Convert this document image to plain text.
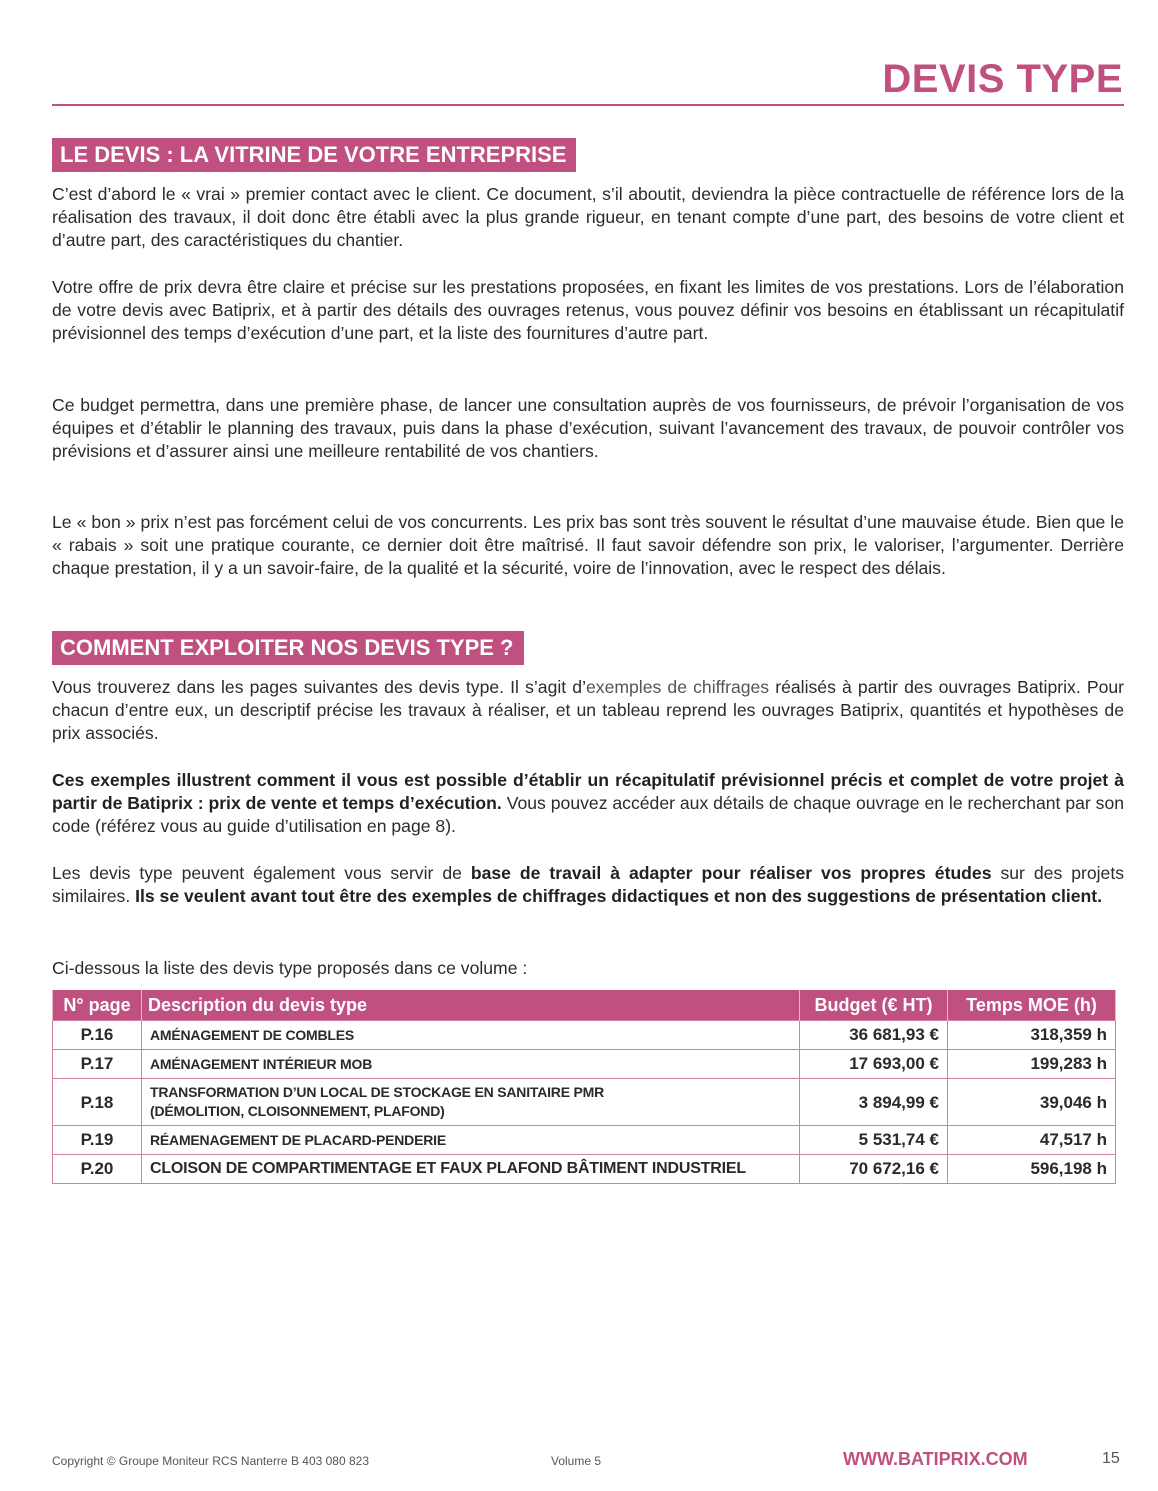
DEVIS TYPE
LE DEVIS : LA VITRINE DE VOTRE ENTREPRISE

C’est d’abord le « vrai » premier contact avec le client. Ce document, s’il aboutit, deviendra la pièce contractuelle de référence lors de la réalisation des travaux, il doit donc être établi avec la plus grande rigueur, en tenant compte d’une part, des besoins de votre client et d’autre part, des caractéristiques du chantier.

Votre offre de prix devra être claire et précise sur les prestations proposées, en fixant les limites de vos prestations. Lors de l’élaboration de votre devis avec Batiprix, et à partir des détails des ouvrages retenus, vous pouvez définir vos besoins en établissant un récapitulatif prévisionnel des temps d’exécution d’une part, et la liste des fournitures d’autre part.

Ce budget permettra, dans une première phase, de lancer une consultation auprès de vos fournisseurs, de prévoir l’organisation de vos équipes et d’établir le planning des travaux, puis dans la phase d’exécution, suivant l’avancement des travaux, de pouvoir contrôler vos prévisions et d’assurer ainsi une meilleure rentabilité de vos chantiers.

Le « bon » prix n’est pas forcément celui de vos concurrents. Les prix bas sont très souvent le résultat d’une mauvaise étude. Bien que le « rabais » soit une pratique courante, ce dernier doit être maîtrisé. Il faut savoir défendre son prix, le valoriser, l’argumenter. Derrière chaque prestation, il y a un savoir-faire, de la qualité et la sécurité, voire de l’innovation, avec le respect des délais.

COMMENT EXPLOITER NOS DEVIS TYPE ?

Vous trouverez dans les pages suivantes des devis type. Il s’agit d’exemples de chiffrages réalisés à partir des ouvrages Batiprix. Pour chacun d’entre eux, un descriptif précise les travaux à réaliser, et un tableau reprend les ouvrages Batiprix, quantités et hypothèses de prix associés.

Ces exemples illustrent comment il vous est possible d’établir un récapitulatif prévisionnel précis et complet de votre projet à partir de Batiprix : prix de vente et temps d’exécution. Vous pouvez accéder aux détails de chaque ouvrage en le recherchant par son code (référez vous au guide d’utilisation en page 8).

Les devis type peuvent également vous servir de base de travail à adapter pour réaliser vos propres études sur des projets similaires. Ils se veulent avant tout être des exemples de chiffrages didactiques et non des suggestions de présentation client.

Ci-dessous la liste des devis type proposés dans ce volume :
N° page	Description du devis type	Budget (€ HT)	Temps MOE (h)
P.16	AMÉNAGEMENT DE COMBLES	36 681,93 €	318,359 h
P.17	AMÉNAGEMENT INTÉRIEUR MOB	17 693,00 €	199,283 h
P.18	TRANSFORMATION D’UN LOCAL DE STOCKAGE EN SANITAIRE PMR
(DÉMOLITION, CLOISONNEMENT, PLAFOND)	3 894,99 €	39,046 h
P.19	RÉAMENAGEMENT DE PLACARD-PENDERIE	5 531,74 €	47,517 h
P.20	CLOISON DE COMPARTIMENTAGE ET FAUX PLAFOND BÂTIMENT INDUSTRIEL	70 672,16 €	596,198 h
Copyright © Groupe Moniteur RCS Nanterre B 403 080 823	Volume 5	WWW.BATIPRIX.COM	15
